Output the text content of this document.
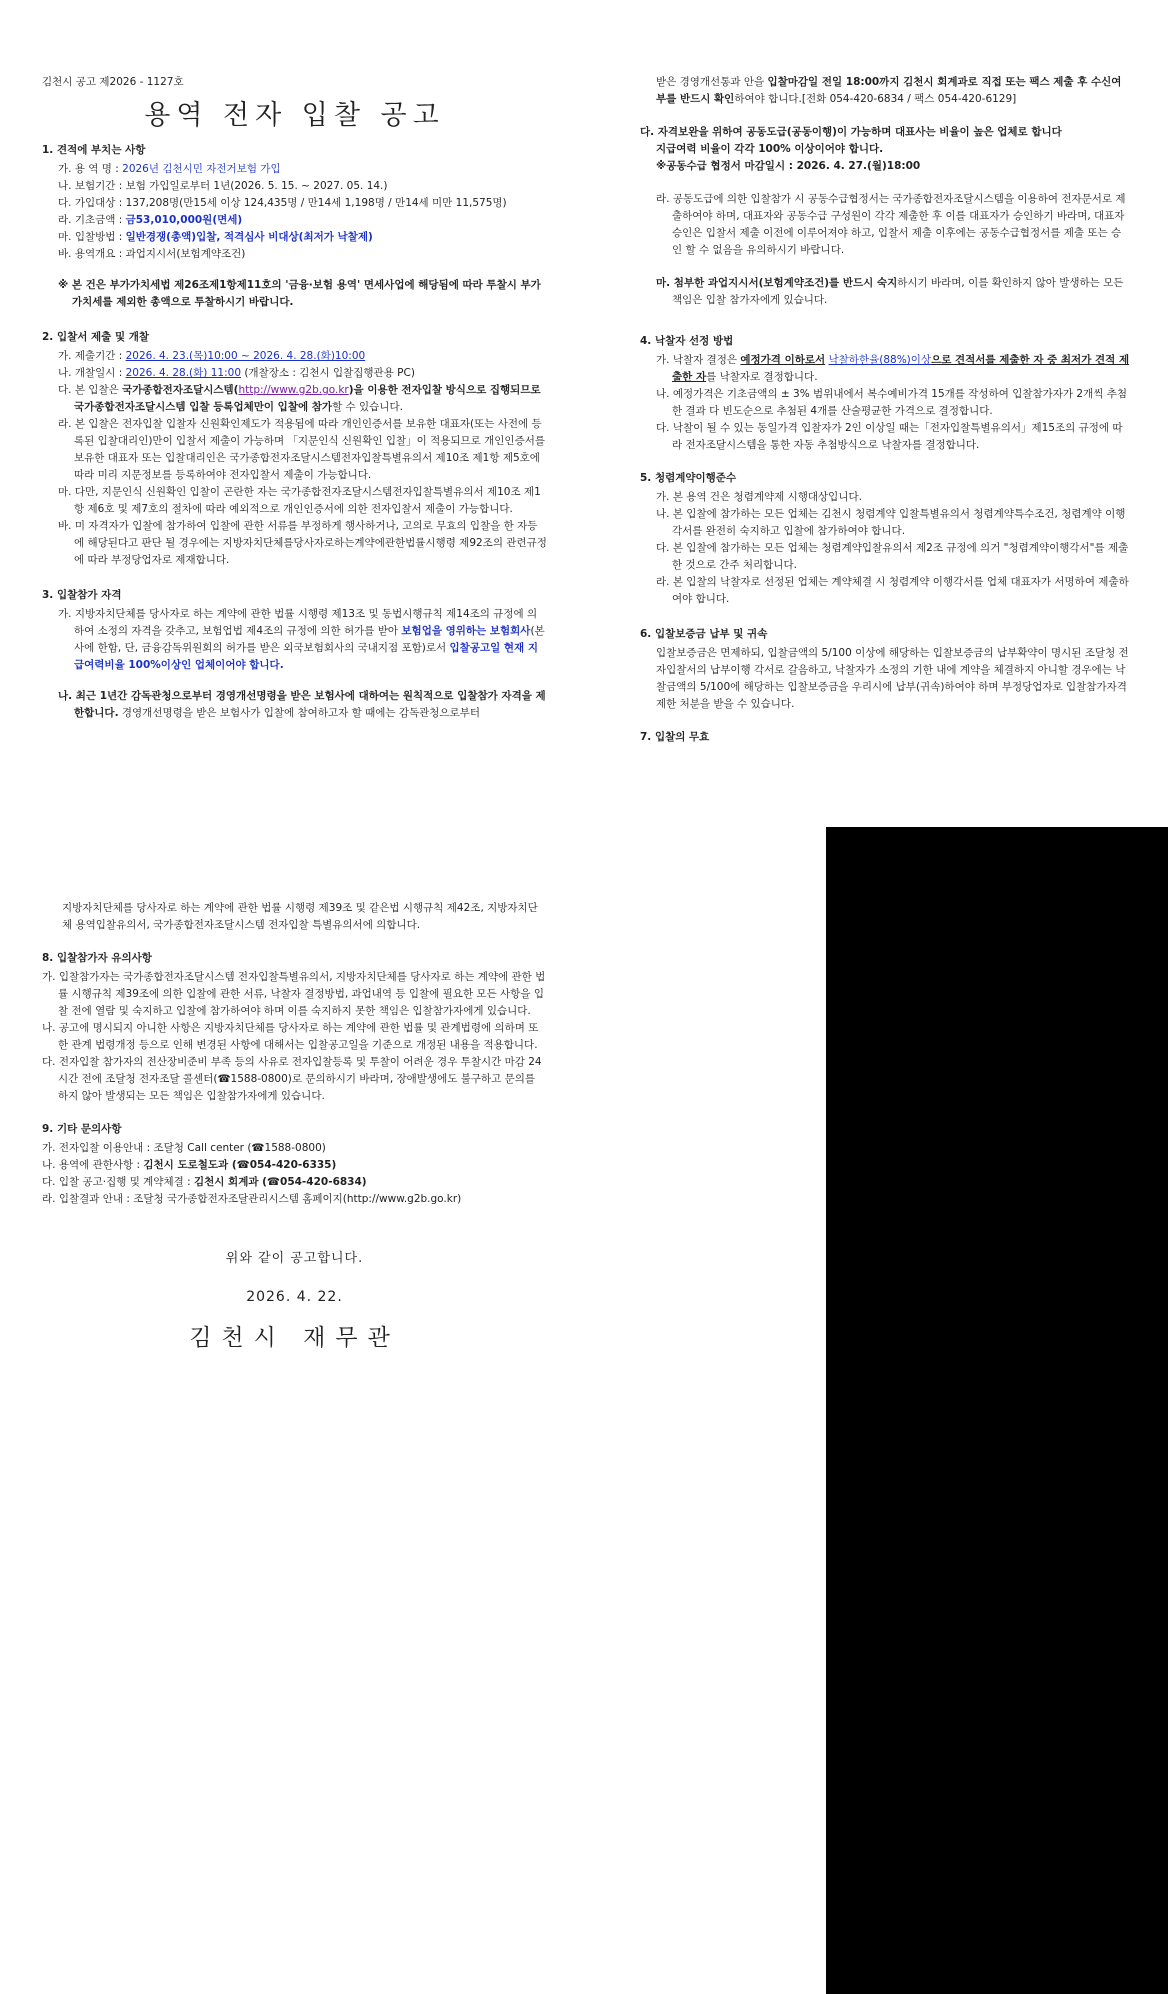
김천시 공고 제2026 - 1127호

용역 전자 입찰 공고

1. 견적에 부치는 사항

가. 용 역 명 : 2026년 김천시민 자전거보험 가입

나. 보험기간 : 보험 가입일로부터 1년(2026. 5. 15. ~ 2027. 05. 14.)

다. 가입대상 : 137,208명(만15세 이상 124,435명 / 만14세 1,198명 / 만14세 미만 11,575명)

라. 기초금액 : 금53,010,000원(면세)

마. 입찰방법 : 일반경쟁(총액)입찰, 적격심사 비대상(최저가 낙찰제)

바. 용역개요 : 과업지시서(보험계약조건)

※ 본 건은 부가가치세법 제26조제1항제11호의 '금융·보험 용역' 면세사업에 해당됨에 따라 투찰시 부가가치세를 제외한 총액으로 투찰하시기 바랍니다.

2. 입찰서 제출 및 개찰

가. 제출기간 : 2026. 4. 23.(목)10:00 ~ 2026. 4. 28.(화)10:00

나. 개찰일시 : 2026. 4. 28.(화) 11:00 (개찰장소 : 김천시 입찰집행관용 PC)

다. 본 입찰은 국가종합전자조달시스템(http://www.g2b.go.kr)을 이용한 전자입찰 방식으로 집행되므로 국가종합전자조달시스템 입찰 등록업체만이 입찰에 참가할 수 있습니다.

라. 본 입찰은 전자입찰 입찰자 신원확인제도가 적용됨에 따라 개인인증서를 보유한 대표자(또는 사전에 등록된 입찰대리인)만이 입찰서 제출이 가능하며 「지문인식 신원확인 입찰」이 적용되므로 개인인증서를 보유한 대표자 또는 입찰대리인은 국가종합전자조달시스템전자입찰특별유의서 제10조 제1항 제5호에 따라 미리 지문정보를 등록하여야 전자입찰서 제출이 가능합니다.

마. 다만, 지문인식 신원확인 입찰이 곤란한 자는 국가종합전자조달시스템전자입찰특별유의서 제10조 제1항 제6호 및 제7호의 절차에 따라 예외적으로 개인인증서에 의한 전자입찰서 제출이 가능합니다.

바. 미 자격자가 입찰에 참가하여 입찰에 관한 서류를 부정하게 행사하거나, 고의로 무효의 입찰을 한 자등에 해당된다고 판단 될 경우에는 지방자치단체를당사자로하는계약에관한법률시행령 제92조의 관련규정에 따라 부정당업자로 제재합니다.

3. 입찰참가 자격

가. 지방자치단체를 당사자로 하는 계약에 관한 법률 시행령 제13조 및 동법시행규칙 제14조의 규정에 의하여 소정의 자격을 갖추고, 보험업법 제4조의 규정에 의한 허가를 받아 보험업을 영위하는 보험회사(본사에 한함, 단, 금융감독위원회의 허가를 받은 외국보험회사의 국내지점 포함)로서 입찰공고일 현재 지급여력비율 100%이상인 업체이어야 합니다.

나. 최근 1년간 감독관청으로부터 경영개선명령을 받은 보험사에 대하여는 원칙적으로 입찰참가 자격을 제한합니다. 경영개선명령을 받은 보험사가 입찰에 참여하고자 할 때에는 감독관청으로부터

받은 경영개선통과 안을 입찰마감일 전일 18:00까지 김천시 회계과로 직접 또는 팩스 제출 후 수신여부를 반드시 확인하여야 합니다.[전화 054-420-6834 / 팩스 054-420-6129]

다. 자격보완을 위하여 공동도급(공동이행)이 가능하며 대표사는 비율이 높은 업체로 합니다

지급여력 비율이 각각 100% 이상이어야 합니다.

※공동수급 협정서 마감일시 : 2026. 4. 27.(월)18:00

라. 공동도급에 의한 입찰참가 시 공동수급협정서는 국가종합전자조달시스템을 이용하여 전자문서로 제출하여야 하며, 대표자와 공동수급 구성원이 각각 제출한 후 이를 대표자가 승인하기 바라며, 대표자 승인은 입찰서 제출 이전에 이루어져야 하고, 입찰서 제출 이후에는 공동수급협정서를 제출 또는 승인 할 수 없음을 유의하시기 바랍니다.

마. 첨부한 과업지시서(보험계약조건)를 반드시 숙지하시기 바라며, 이를 확인하지 않아 발생하는 모든 책임은 입찰 참가자에게 있습니다.

4. 낙찰자 선정 방법

가. 낙찰자 결정은 예정가격 이하로서 낙찰하한율(88%)이상으로 견적서를 제출한 자 중 최저가 견적 제출한 자를 낙찰자로 결정합니다.

나. 예정가격은 기초금액의 ± 3% 범위내에서 복수예비가격 15개를 작성하여 입찰참가자가 2개씩 추첨한 결과 다 빈도순으로 추첨된 4개를 산술평균한 가격으로 결정합니다.

다. 낙찰이 될 수 있는 동일가격 입찰자가 2인 이상일 때는「전자입찰특별유의서」제15조의 규정에 따라 전자조달시스템을 통한 자동 추첨방식으로 낙찰자를 결정합니다.

5. 청렴계약이행준수

가. 본 용역 건은 청렴계약제 시행대상입니다.

나. 본 입찰에 참가하는 모든 업체는 김천시 청렴계약 입찰특별유의서 청렴계약특수조건, 청렴계약 이행각서를 완전히 숙지하고 입찰에 참가하여야 합니다.

다. 본 입찰에 참가하는 모든 업체는 청렴계약입찰유의서 제2조 규정에 의거 "청렴계약이행각서"를 제출한 것으로 간주 처리합니다.

라. 본 입찰의 낙찰자로 선정된 업체는 계약체결 시 청렴계약 이행각서를 업체 대표자가 서명하여 제출하여야 합니다.

6. 입찰보증금 납부 및 귀속

입찰보증금은 면제하되, 입찰금액의 5/100 이상에 해당하는 입찰보증금의 납부확약이 명시된 조달청 전자입찰서의 납부이행 각서로 갈음하고, 낙찰자가 소정의 기한 내에 계약을 체결하지 아니할 경우에는 낙찰금액의 5/100에 해당하는 입찰보증금을 우리시에 납부(귀속)하여야 하며 부정당업자로 입찰참가자격제한 처분을 받을 수 있습니다.

7. 입찰의 무효

지방자치단체를 당사자로 하는 계약에 관한 법률 시행령 제39조 및 같은법 시행규칙 제42조, 지방자치단체 용역입찰유의서, 국가종합전자조달시스템 전자입찰 특별유의서에 의합니다.

8. 입찰참가자 유의사항

가. 입찰참가자는 국가종합전자조달시스템 전자입찰특별유의서, 지방자치단체를 당사자로 하는 계약에 관한 법률 시행규칙 제39조에 의한 입찰에 관한 서류, 낙찰자 결정방법, 과업내역 등 입찰에 필요한 모든 사항을 입찰 전에 열람 및 숙지하고 입찰에 참가하여야 하며 이를 숙지하지 못한 책임은 입찰참가자에게 있습니다.

나. 공고에 명시되지 아니한 사항은 지방자치단체를 당사자로 하는 계약에 관한 법률 및 관계법령에 의하며 또한 관계 법령개정 등으로 인해 변경된 사항에 대해서는 입찰공고일을 기준으로 개정된 내용을 적용합니다.

다. 전자입찰 참가자의 전산장비준비 부족 등의 사유로 전자입찰등록 및 투찰이 어려운 경우 투찰시간 마감 24시간 전에 조달청 전자조달 콜센터(☎1588-0800)로 문의하시기 바라며, 장애발생에도 불구하고 문의를 하지 않아 발생되는 모든 책임은 입찰참가자에게 있습니다.

9. 기타 문의사항

가. 전자입찰 이용안내 : 조달청 Call center (☎1588-0800)

나. 용역에 관한사항 : 김천시 도로철도과 (☎054-420-6335)

다. 입찰 공고·집행 및 계약체결 : 김천시 회계과 (☎054-420-6834)

라. 입찰결과 안내 : 조달청 국가종합전자조달관리시스템 홈페이지(http://www.g2b.go.kr)

위와 같이 공고합니다.

2026. 4. 22.

김천시 재무관
